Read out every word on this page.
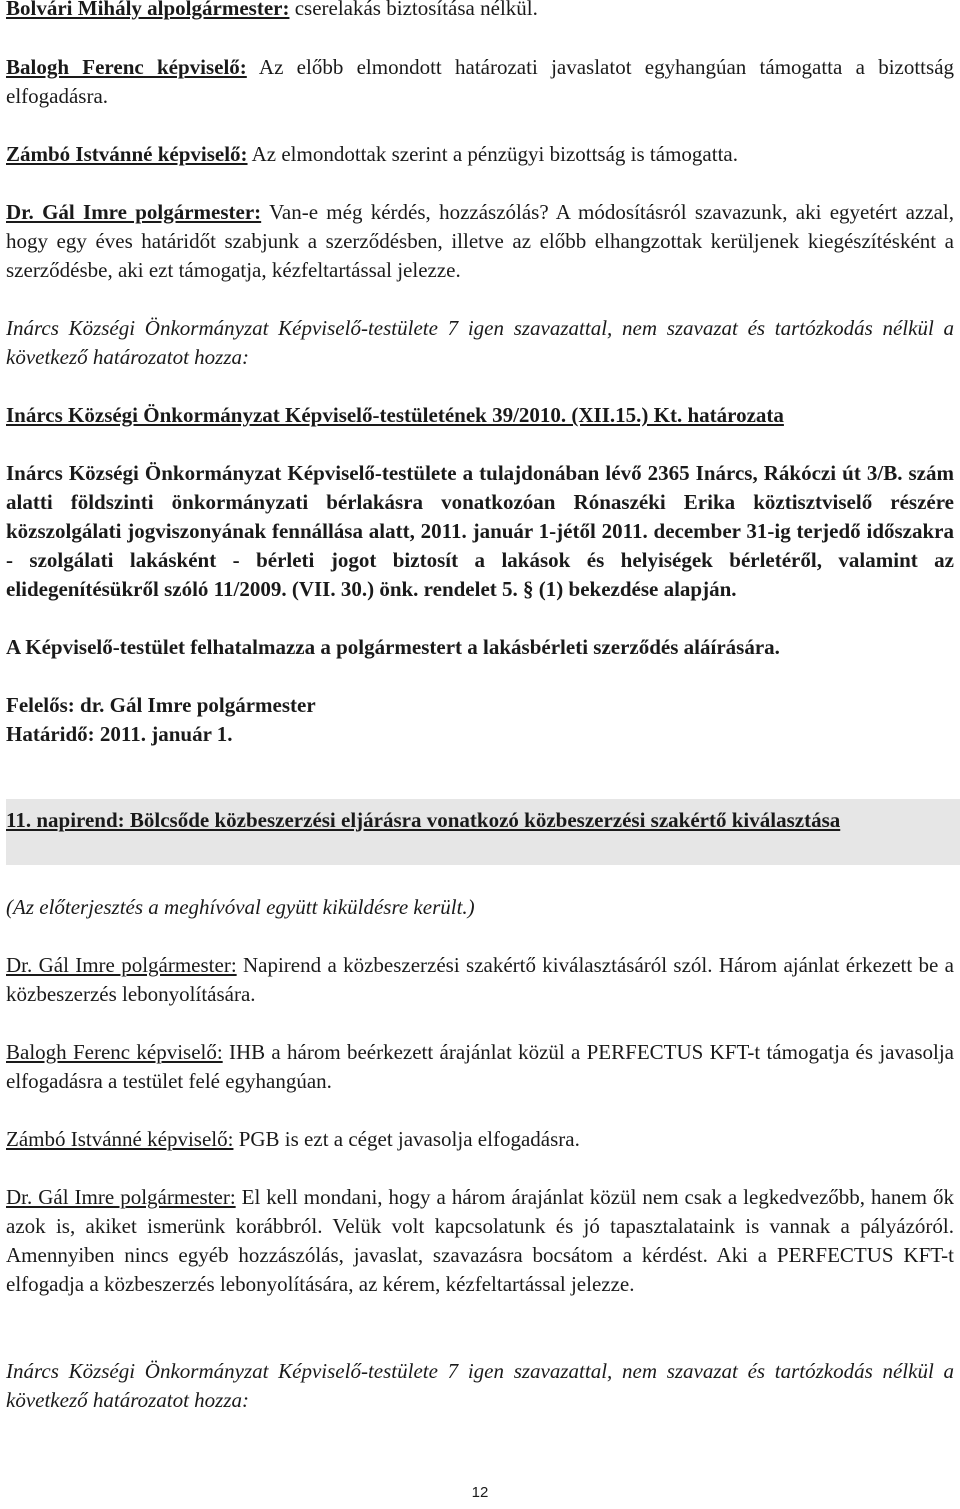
Bolvári Mihály alpolgármester: cserelakás biztosítása nélkül.

Balogh Ferenc képviselő: Az előbb elmondott határozati javaslatot egyhangúan támogatta a bizottság elfogadásra.

Zámbó Istvánné képviselő: Az elmondottak szerint a pénzügyi bizottság is támogatta.

Dr. Gál Imre polgármester: Van-e még kérdés, hozzászólás? A módosításról szavazunk, aki egyetért azzal, hogy egy éves határidőt szabjunk a szerződésben, illetve az előbb elhangzottak kerüljenek kiegészítésként a szerződésbe, aki ezt támogatja, kézfeltartással jelezze.

Inárcs Községi Önkormányzat Képviselő-testülete 7 igen szavazattal, nem szavazat és tartózkodás nélkül a következő határozatot hozza:

Inárcs Községi Önkormányzat Képviselő-testületének 39/2010. (XII.15.) Kt. határozata

Inárcs Községi Önkormányzat Képviselő-testülete a tulajdonában lévő 2365 Inárcs, Rákóczi út 3/B. szám alatti földszinti önkormányzati bérlakásra vonatkozóan Rónaszéki Erika köztisztviselő részére közszolgálati jogviszonyának fennállása alatt, 2011. január 1-jétől 2011. december 31-ig terjedő időszakra - szolgálati lakásként - bérleti jogot biztosít a lakások és helyiségek bérletéről, valamint az elidegenítésükről szóló 11/2009. (VII. 30.) önk. rendelet 5. § (1) bekezdése alapján.

A Képviselő-testület felhatalmazza a polgármestert a lakásbérleti szerződés aláírására.

Felelős: dr. Gál Imre polgármester

Határidő: 2011. január 1.

11. napirend: Bölcsőde közbeszerzési eljárásra vonatkozó közbeszerzési szakértő kiválasztása

(Az előterjesztés a meghívóval együtt kiküldésre került.)

Dr. Gál Imre polgármester: Napirend a közbeszerzési szakértő kiválasztásáról szól. Három ajánlat érkezett be a közbeszerzés lebonyolítására.

Balogh Ferenc képviselő: IHB a három beérkezett árajánlat közül a PERFECTUS KFT-t támogatja és javasolja elfogadásra a testület felé egyhangúan.

Zámbó Istvánné képviselő: PGB is ezt a céget javasolja elfogadásra.

Dr. Gál Imre polgármester: El kell mondani, hogy a három árajánlat közül nem csak a legkedvezőbb, hanem ők azok is, akiket ismerünk korábbról. Velük volt kapcsolatunk és jó tapasztalataink is vannak a pályázóról. Amennyiben nincs egyéb hozzászólás, javaslat, szavazásra bocsátom a kérdést. Aki a PERFECTUS KFT-t elfogadja a közbeszerzés lebonyolítására, az kérem, kézfeltartással jelezze.

Inárcs Községi Önkormányzat Képviselő-testülete 7 igen szavazattal, nem szavazat és tartózkodás nélkül a következő határozatot hozza:

12
